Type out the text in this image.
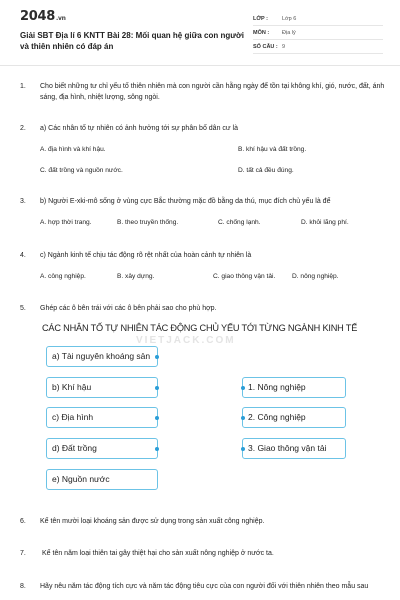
2048.vn
Giải SBT Địa lí 6 KNTT Bài 28: Mối quan hệ giữa con người và thiên nhiên có đáp án
LỚP :	Lớp 6
MÔN :	Địa lý
SỐ CÂU : 9
1. Cho biết những tư chỉ yếu tố thiên nhiên mà con người cần hằng ngày để tồn tại không khí, gió, nước, đất, ánh sáng, địa hình, nhiệt lượng, sông ngòi.
2. a) Các nhân tố tự nhiên có ảnh hưởng tới sự phân bố dân cư là
A. địa hình và khí hậu.	B. khí hậu và đất trồng.
C. đất trồng và nguồn nước.	D. tất cả đều đúng.
3. b) Người E-xki-mô sống ở vùng cực Bắc thường mặc đồ bằng da thú, mục đích chủ yếu là để
A. hợp thời trang.	B. theo truyền thống.	C. chống lạnh.	D. khỏi lãng phí.
4. c) Ngành kinh tế chịu tác động rõ rệt nhất của hoàn cảnh tự nhiên là
A. công nghiệp.	B. xây dựng.	C. giao thông vận tải.	D. nông nghiệp.
5. Ghép các ô bên trái với các ô bên phải sao cho phù hợp.
CÁC NHÂN TỐ TỰ NHIÊN TÁC ĐỘNG CHỦ YẾU TỚI TỪNG NGÀNH KINH TẾ
VIETJACK.COM
a) Tài nguyên khoáng sản
b) Khí hậu
c) Địa hình
d) Đất trồng
e) Nguồn nước
1. Nông nghiệp
2. Công nghiệp
3. Giao thông vận tải
6. Kể tên mười loại khoáng sản được sử dụng trong sản xuất công nghiệp.
7. Kể tên năm loại thiên tai gây thiệt hại cho sản xuất nông nghiệp ở nước ta.
8. Hãy nêu năm tác động tích cực và năm tác động tiêu cực của con người đối với thiên nhiên theo mẫu sau
